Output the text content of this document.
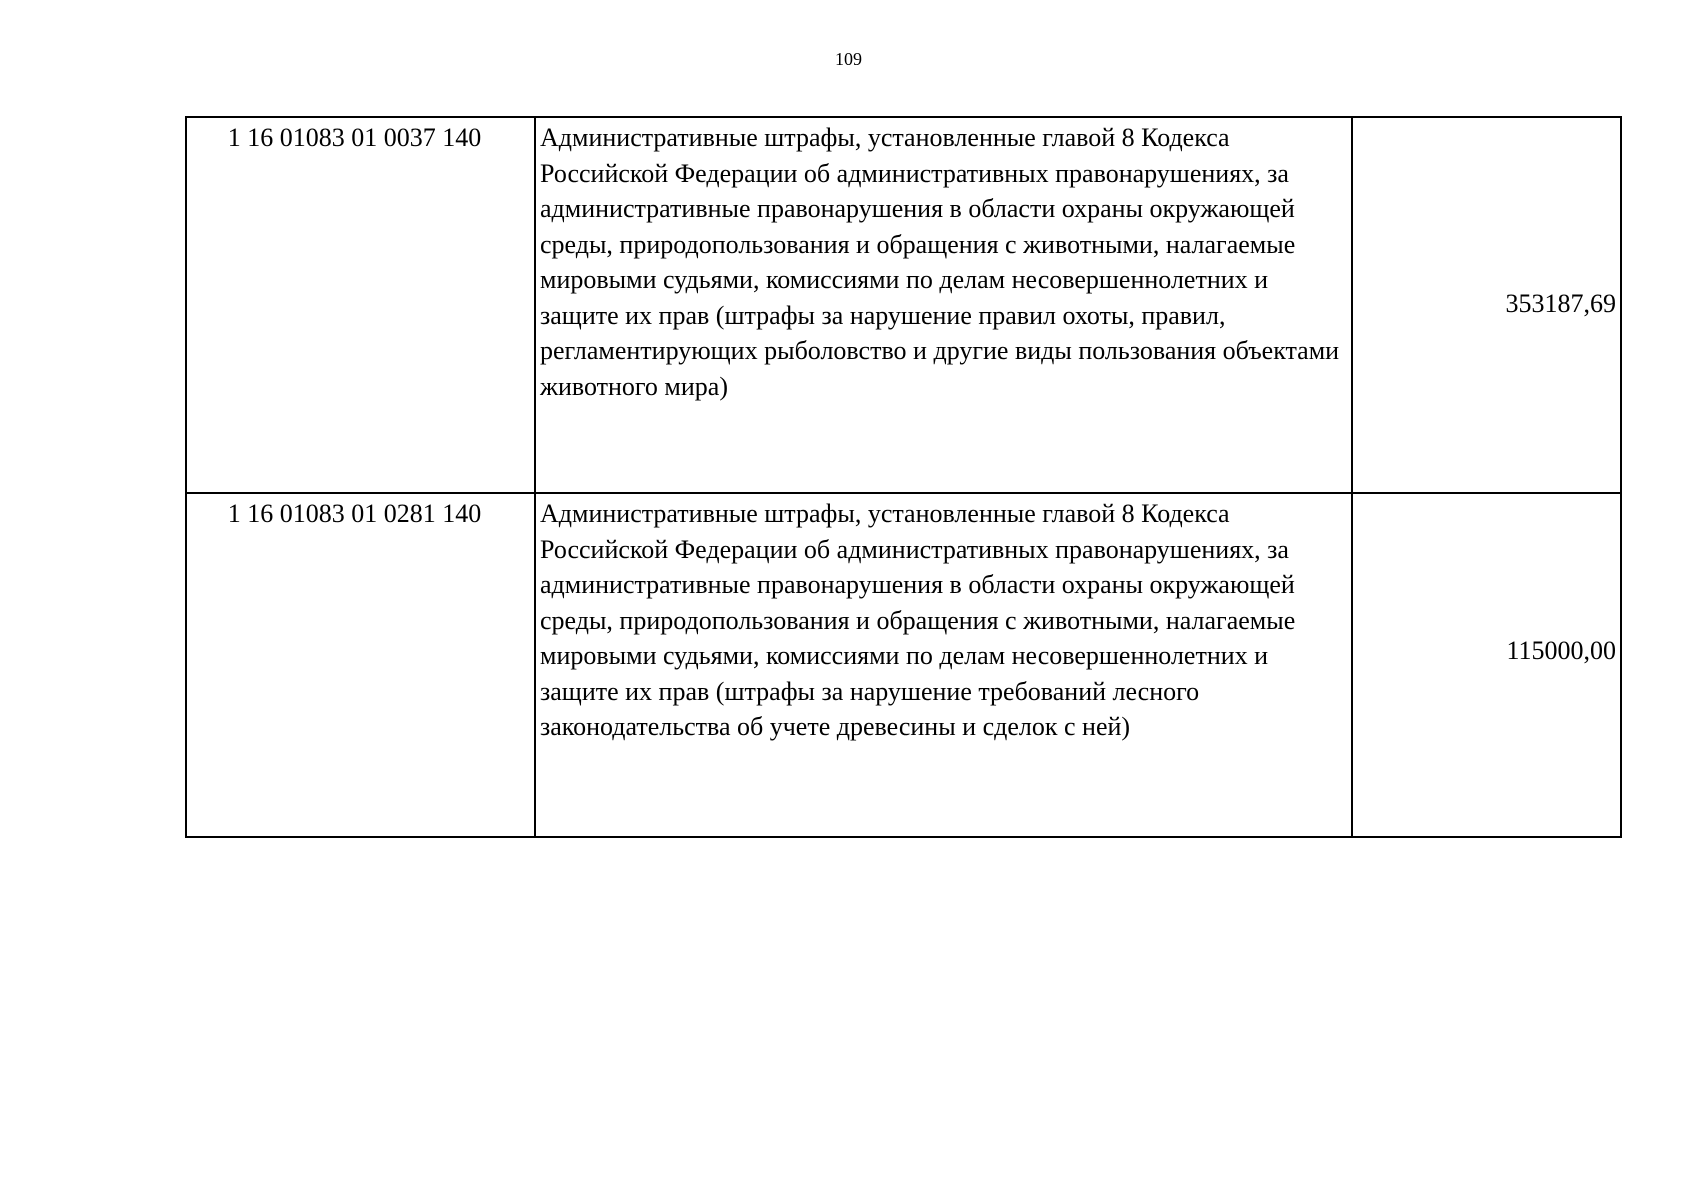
109
1 16 01083 01 0037 140	Административные штрафы, установленные главой 8 Кодекса Российской Федерации об административных правонарушениях, за административные правонарушения в области охраны окружающей среды, природопользования и обращения с животными, налагаемые мировыми судьями, комиссиями по делам несовершеннолетних и защите их прав (штрафы за нарушение правил охоты, правил, регламентирующих рыболовство и другие виды пользования объектами животного мира)	353187,69
1 16 01083 01 0281 140	Административные штрафы, установленные главой 8 Кодекса Российской Федерации об административных правонарушениях, за административные правонарушения в области охраны окружающей среды, природопользования и обращения с животными, налагаемые мировыми судьями, комиссиями по делам несовершеннолетних и защите их прав (штрафы за нарушение требований лесного законодательства об учете древесины и сделок с ней)	115000,00
